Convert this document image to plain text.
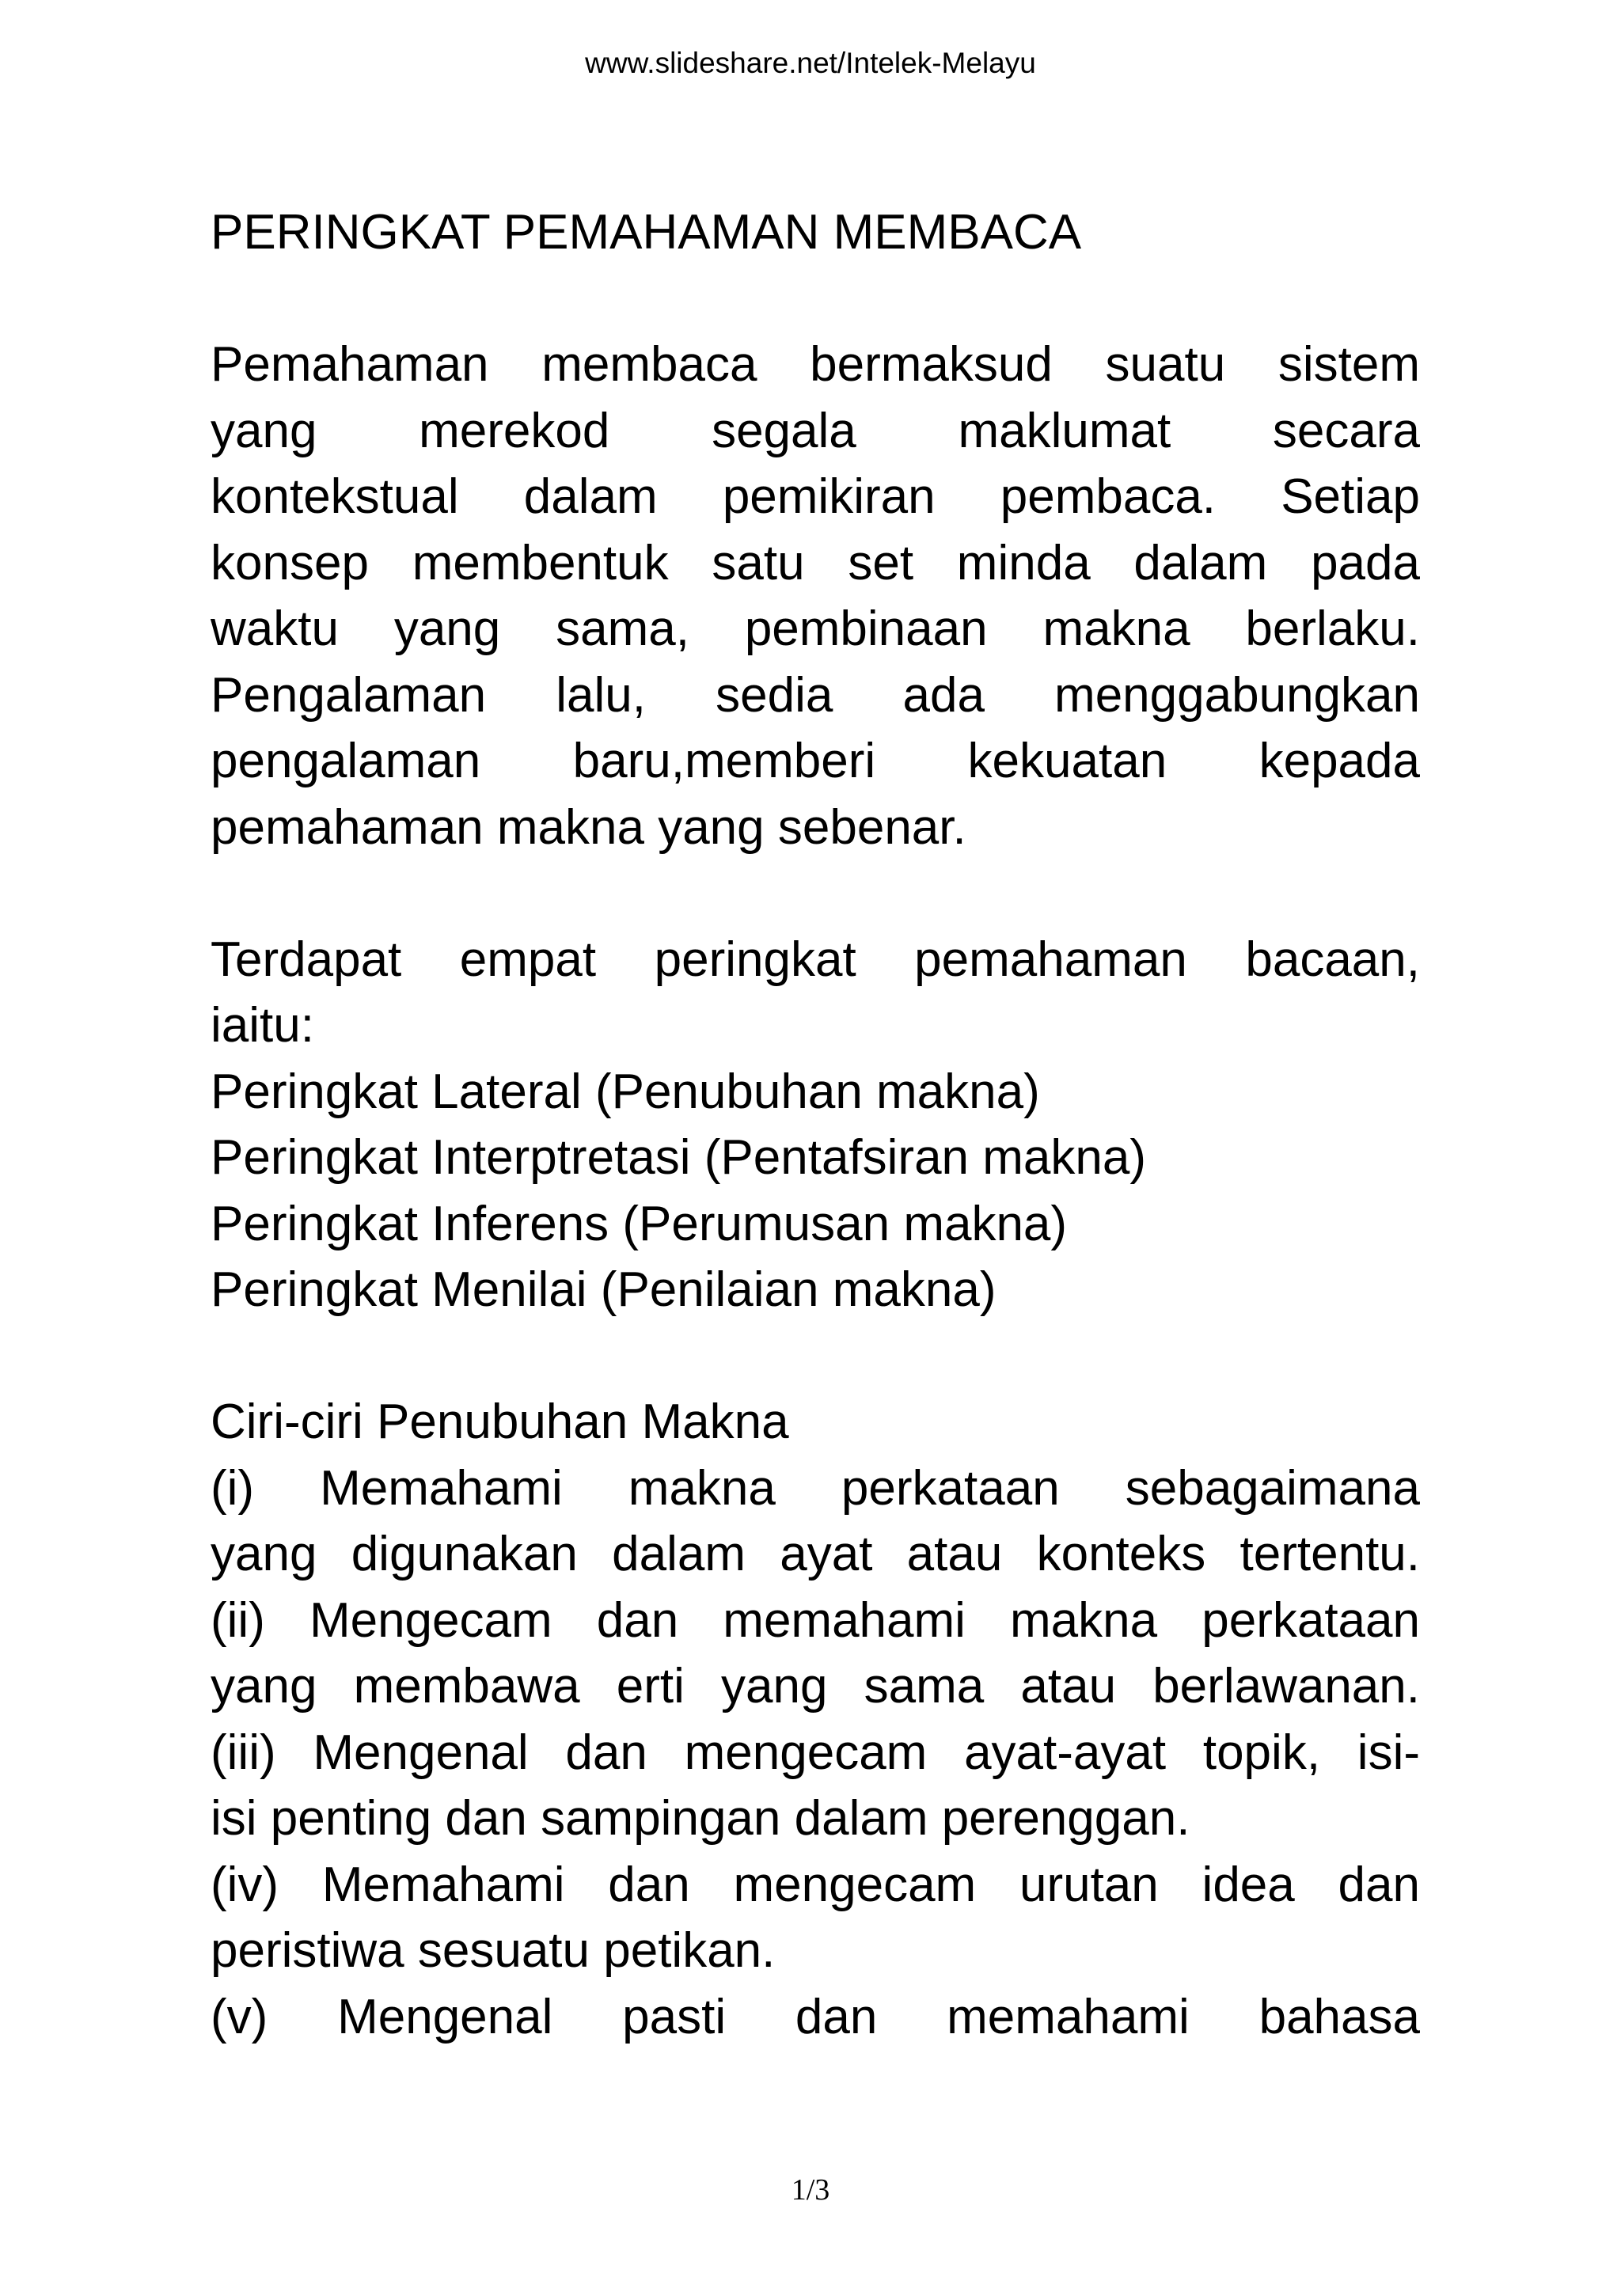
www.slideshare.net/Intelek-Melayu
PERINGKAT PEMAHAMAN MEMBACA
Pemahaman membaca bermaksud suatu sistem
yang merekod segala maklumat secara
kontekstual dalam pemikiran pembaca. Setiap
konsep membentuk satu set minda dalam pada
waktu yang sama, pembinaan makna berlaku.
Pengalaman lalu, sedia ada menggabungkan
pengalaman baru,memberi kekuatan kepada
pemahaman makna yang sebenar.
Terdapat empat peringkat pemahaman bacaan,
iaitu:
Peringkat Lateral (Penubuhan makna)
Peringkat Interptretasi (Pentafsiran makna)
Peringkat Inferens (Perumusan makna)
Peringkat Menilai (Penilaian makna)
Ciri-ciri Penubuhan Makna
(i) Memahami makna perkataan sebagaimana
yang digunakan dalam ayat atau konteks tertentu.
(ii) Mengecam dan memahami makna perkataan
yang membawa erti yang sama atau berlawanan.
(iii) Mengenal dan mengecam ayat-ayat topik, isi-
isi penting dan sampingan dalam perenggan.
(iv) Memahami dan mengecam urutan idea dan
peristiwa sesuatu petikan.
(v) Mengenal pasti dan memahami bahasa
1/3
